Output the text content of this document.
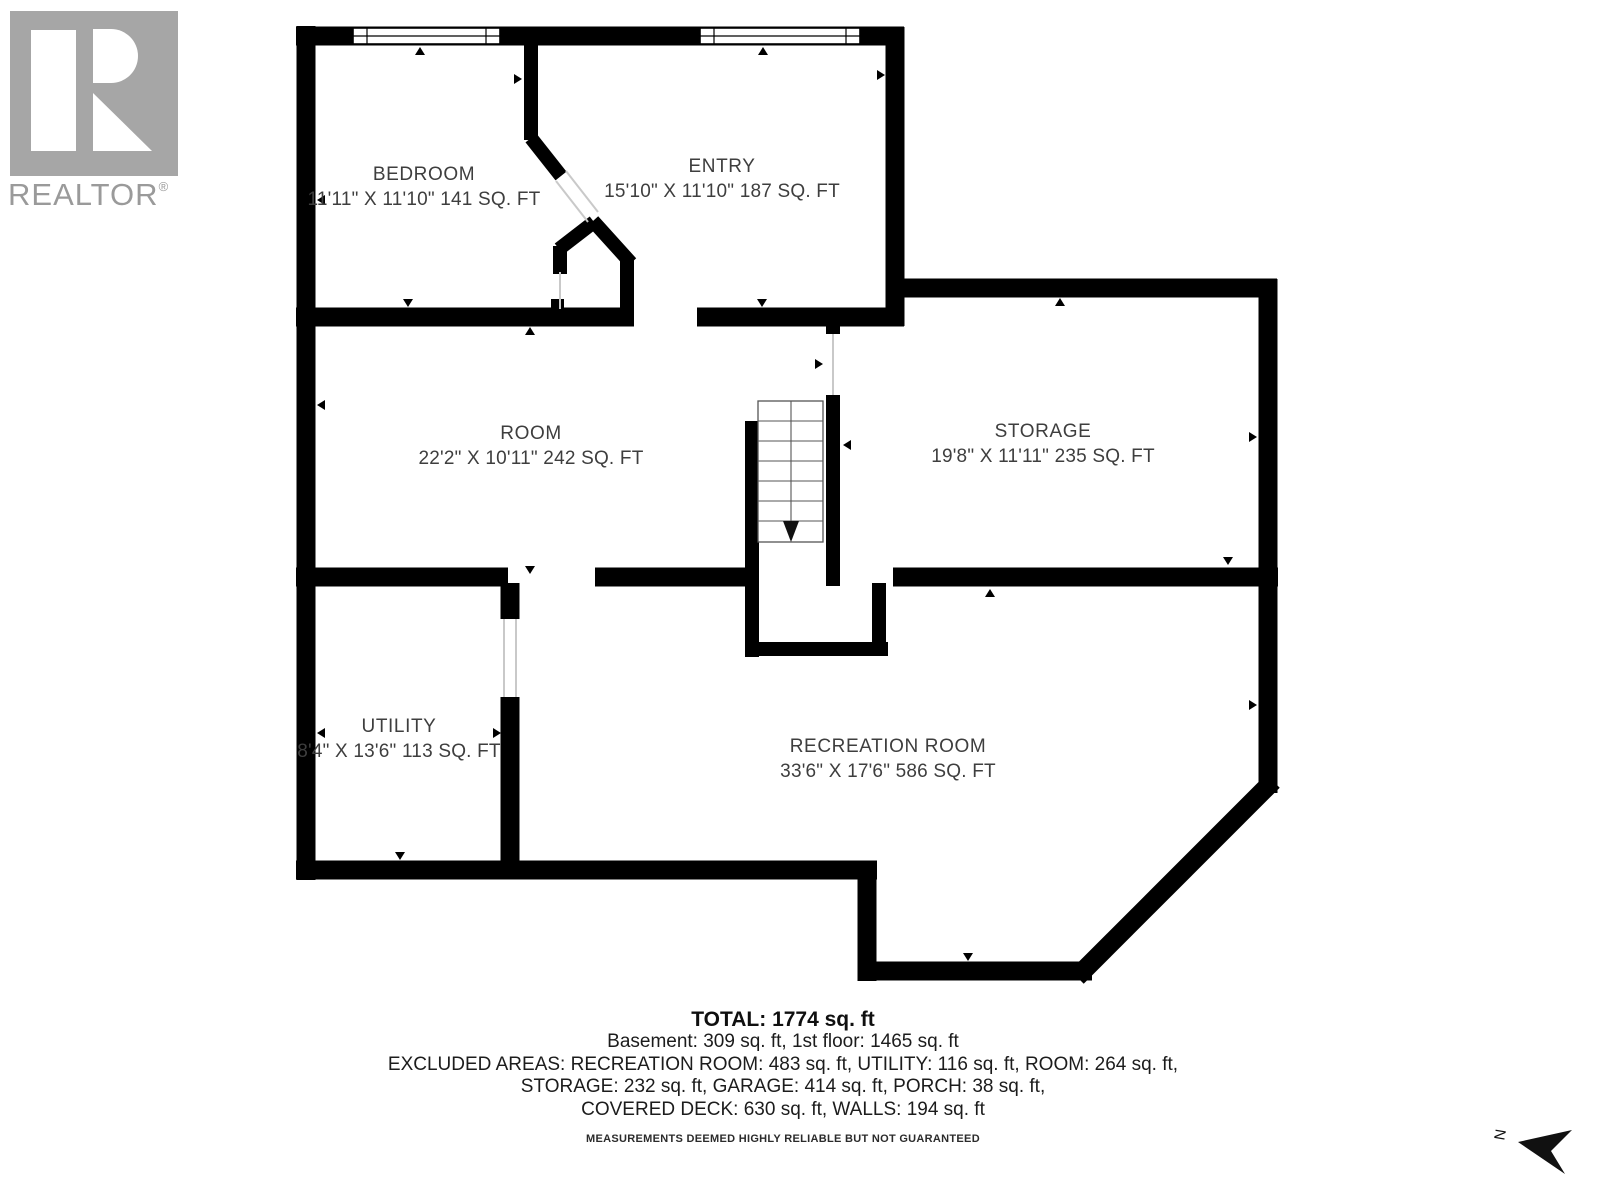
REALTOR®
BEDROOM
11'11" X 11'10" 141 SQ. FT
ENTRY
15'10" X 11'10" 187 SQ. FT
ROOM
22'2" X 10'11" 242 SQ. FT
STORAGE
19'8" X 11'11" 235 SQ. FT
UTILITY
8'4" X 13'6" 113 SQ. FT	RECREATION ROOM
33'6" X 17'6" 586 SQ. FT
TOTAL: 1774 sq. ft
Basement: 309 sq. ft, 1st floor: 1465 sq. ft
EXCLUDED AREAS: RECREATION ROOM: 483 sq. ft, UTILITY: 116 sq. ft, ROOM: 264 sq. ft,
STORAGE: 232 sq. ft, GARAGE: 414 sq. ft, PORCH: 38 sq. ft,
COVERED DECK: 630 sq. ft, WALLS: 194 sq. ft
MEASUREMENTS DEEMED HIGHLY RELIABLE BUT NOT GUARANTEED	N
